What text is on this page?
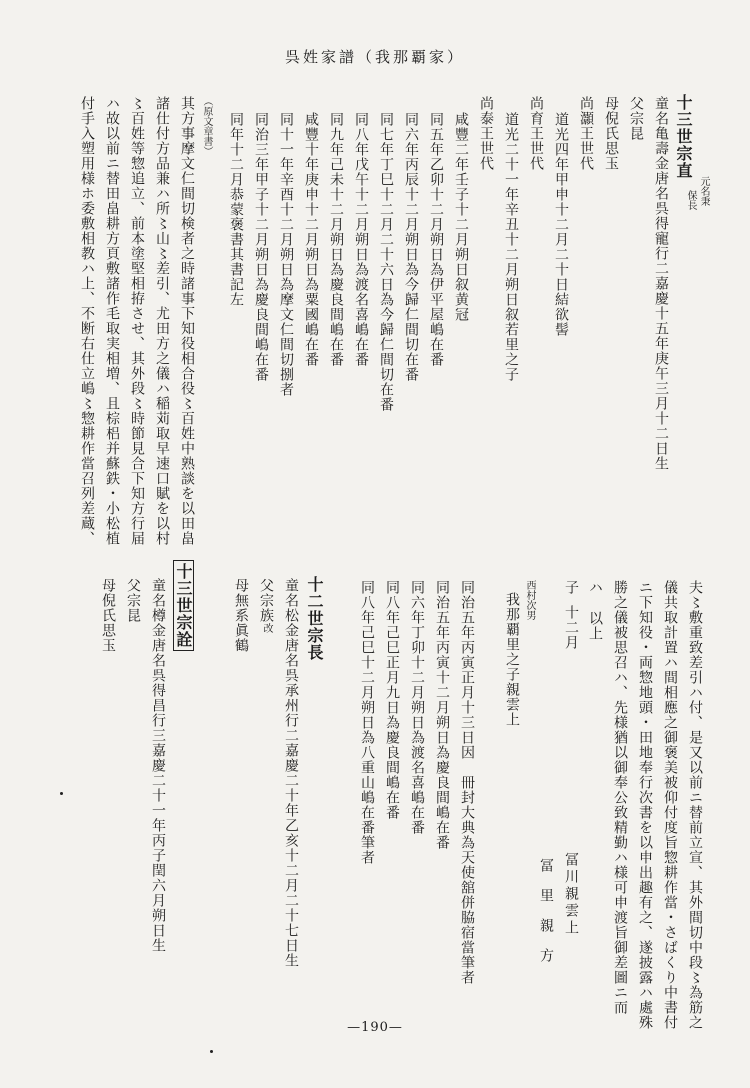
呉姓家譜（我那覇家）
十三世宗直
元名秉
保長
童名亀壽金唐名呉得寵行二嘉慶十五年庚午三月十二日生
父宗昆
母倪氏思玉
尚灝王世代
道光四年甲申十二月二十日結欲髻
尚育王世代
道光二十一年辛丑十二月朔日叙若里之子
尚泰王世代
咸豐二年壬子十二月朔日叙黄冠
同五年乙卯十二月朔日為伊平屋嶋在番
同六年丙辰十二月朔日為今歸仁間切在番
同七年丁巳十二月二十六日為今歸仁間切在番
同八年戊午十二月朔日為渡名喜嶋在番
同九年己未十二月朔日為慶良間嶋在番
咸豐十年庚申十二月朔日為粟國嶋在番
同十一年辛酉十二月朔日為摩文仁間切捌者
同治三年甲子十二月朔日為慶良間嶋在番
同年十二月恭蒙褒書其書記左
（原文章書）
其方事摩文仁間切検者之時諸事下知役相合役〻百姓中熟談を以田畠
諸仕付方品兼ハ所〻山〻差引、尤田方之儀ハ稲苅取早速口賦を以村
〻百姓等惣追立、前本塗堅相拵させ、其外段〻時節見合下知方行届
ハ故以前ニ替田畠耕方頁敷諸作毛取実相増、且棕梠并蘇鉄・小松植
付手入塑用様ホ委敷相教ハ上、不断右仕立嶋〻惣耕作當召列差蔵、
夫〻敷重致差引ハ付、是又以前ニ替前立宣、其外間切中段〻為筋之
儀共取計置ハ間相應之御褒美被仰付度旨惣耕作當・さばくり中書付
ニ下知役・両惣地頭・田地奉行次書を以申出趣有之、遂披露ハ處殊
勝之儀被思召ハ、先様猶以御奉公致精勤ハ様可申渡旨御差圖ニ而
ハ以上
子十二月
冨川親雲上
冨　里　親　方
西村次男
我那覇里之子親雲上
同治五年丙寅正月十三日因　冊封大典為天使舘併脇宿當筆者
同治五年丙寅十二月朔日為慶良間嶋在番
同六年丁卯十二月朔日為渡名喜嶋在番
同八年己巳正月九日為慶良間嶋在番
同八年己巳十二月朔日為八重山嶋在番筆者
十二世宗長
童名松金唐名呉承州行二嘉慶二十年乙亥十二月二十七日生
父宗族改
母無系眞鶴
十三世宗詮
童名樽金唐名呉得昌行三嘉慶二十一年丙子閏六月朔日生
父宗昆
母倪氏思玉
—190—
